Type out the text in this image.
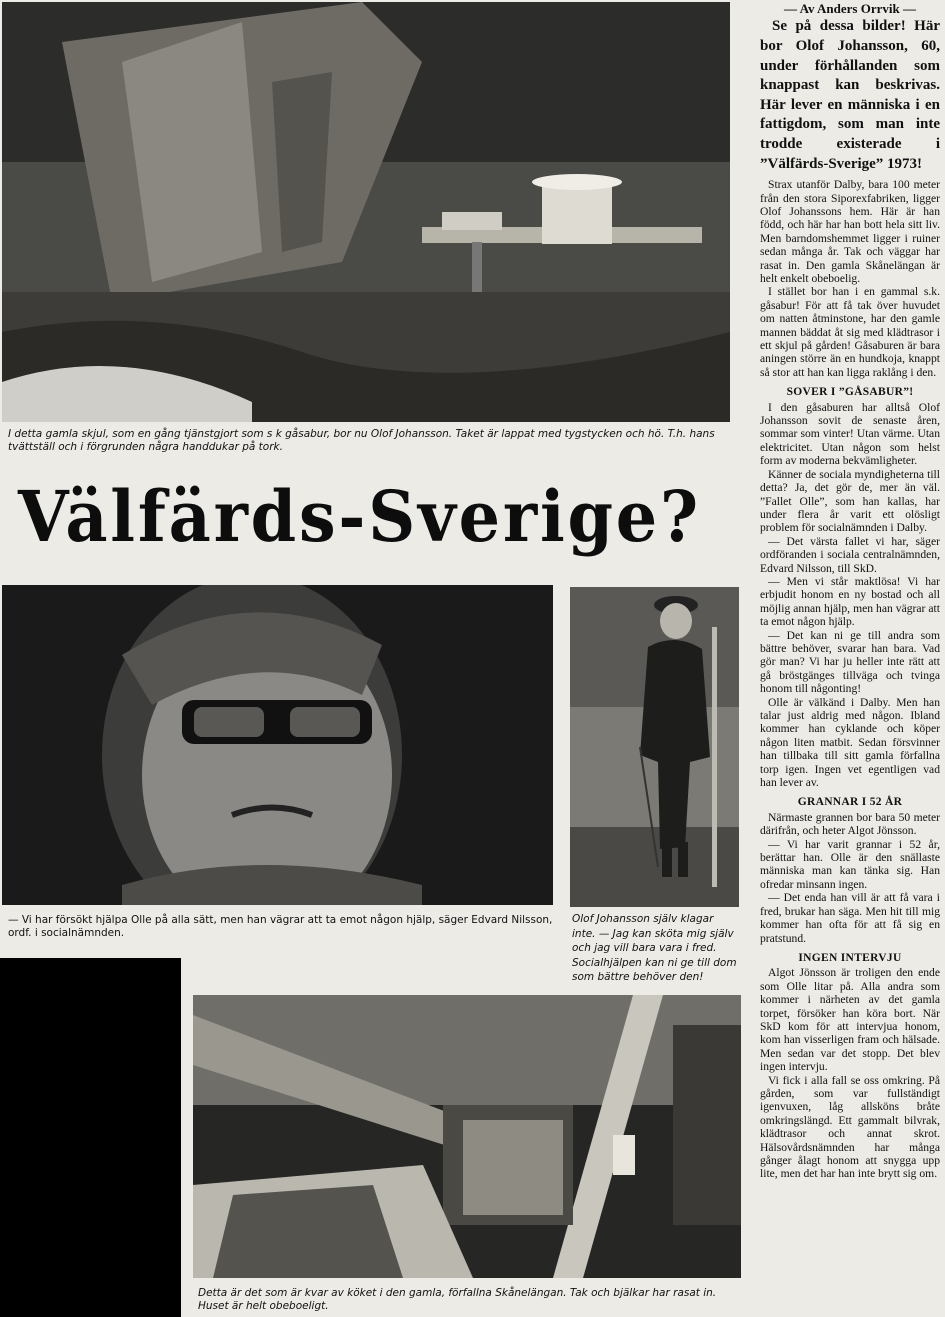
I detta gamla skjul, som en gång tjänstgjort som s k gåsabur, bor nu Olof Johansson. Taket är lappat med tygstycken och hö. T.h. hans tvättställ och i förgrunden några handdukar på tork.
Välfärds-Sverige?
— Vi har försökt hjälpa Olle på alla sätt, men han vägrar att ta emot någon hjälp, säger Edvard Nilsson, ordf. i socialnämnden.
Olof Johansson själv klagar inte. — Jag kan sköta mig själv och jag vill bara vara i fred. Socialhjälpen kan ni ge till dom som bättre behöver den!
Detta är det som är kvar av köket i den gamla, förfallna Skånelängan. Tak och bjälkar har rasat in. Huset är helt obeboeligt.

— Av Anders Orrvik —

Se på dessa bilder! Här bor Olof Johansson, 60, under förhållanden som knappast kan beskrivas. Här lever en människa i en fattigdom, som man inte trodde existerade i ”Välfärds-Sverige” 1973!

Strax utanför Dalby, bara 100 meter från den stora Siporexfabriken, ligger Olof Johanssons hem. Här är han född, och här har han bott hela sitt liv. Men barndomshemmet ligger i ruiner sedan många år. Tak och väggar har rasat in. Den gamla Skånelängan är helt enkelt obeboelig.

I stället bor han i en gammal s.k. gåsabur! För att få tak över huvudet om natten åtminstone, har den gamle mannen bäddat åt sig med klädtrasor i ett skjul på gården! Gåsaburen är bara aningen större än en hundkoja, knappt så stor att han kan ligga raklång i den.

SOVER I ”GÅSABUR”!

I den gåsaburen har alltså Olof Johansson sovit de senaste åren, sommar som vinter! Utan värme. Utan elektricitet. Utan någon som helst form av moderna bekvämligheter.

Känner de sociala myndigheterna till detta? Ja, det gör de, mer än väl. ”Fallet Olle”, som han kallas, har under flera år varit ett olösligt problem för socialnämnden i Dalby.

— Det värsta fallet vi har, säger ordföranden i sociala centralnämnden, Edvard Nilsson, till SkD.

— Men vi står maktlösa! Vi har erbjudit honom en ny bostad och all möjlig annan hjälp, men han vägrar att ta emot någon hjälp.

— Det kan ni ge till andra som bättre behöver, svarar han bara. Vad gör man? Vi har ju heller inte rätt att gå bröstgänges tillväga och tvinga honom till någonting!

Olle är välkänd i Dalby. Men han talar just aldrig med någon. Ibland kommer han cyklande och köper någon liten matbit. Sedan försvinner han tillbaka till sitt gamla förfallna torp igen. Ingen vet egentligen vad han lever av.

GRANNAR I 52 ÅR

Närmaste grannen bor bara 50 meter därifrån, och heter Algot Jönsson.

— Vi har varit grannar i 52 år, berättar han. Olle är den snällaste människa man kan tänka sig. Han ofredar minsann ingen.

— Det enda han vill är att få vara i fred, brukar han säga. Men hit till mig kommer han ofta för att få sig en pratstund.

INGEN INTERVJU

Algot Jönsson är troligen den ende som Olle litar på. Alla andra som kommer i närheten av det gamla torpet, försöker han köra bort. När SkD kom för att intervjua honom, kom han visserligen fram och hälsade. Men sedan var det stopp. Det blev ingen intervju.

Vi fick i alla fall se oss omkring. På gården, som var fullständigt igenvuxen, låg allsköns bråte omkringslängd. Ett gammalt bilvrak, klädtrasor och annat skrot. Hälsovårdsnämnden har många gånger ålagt honom att snygga upp lite, men det har han inte brytt sig om.
